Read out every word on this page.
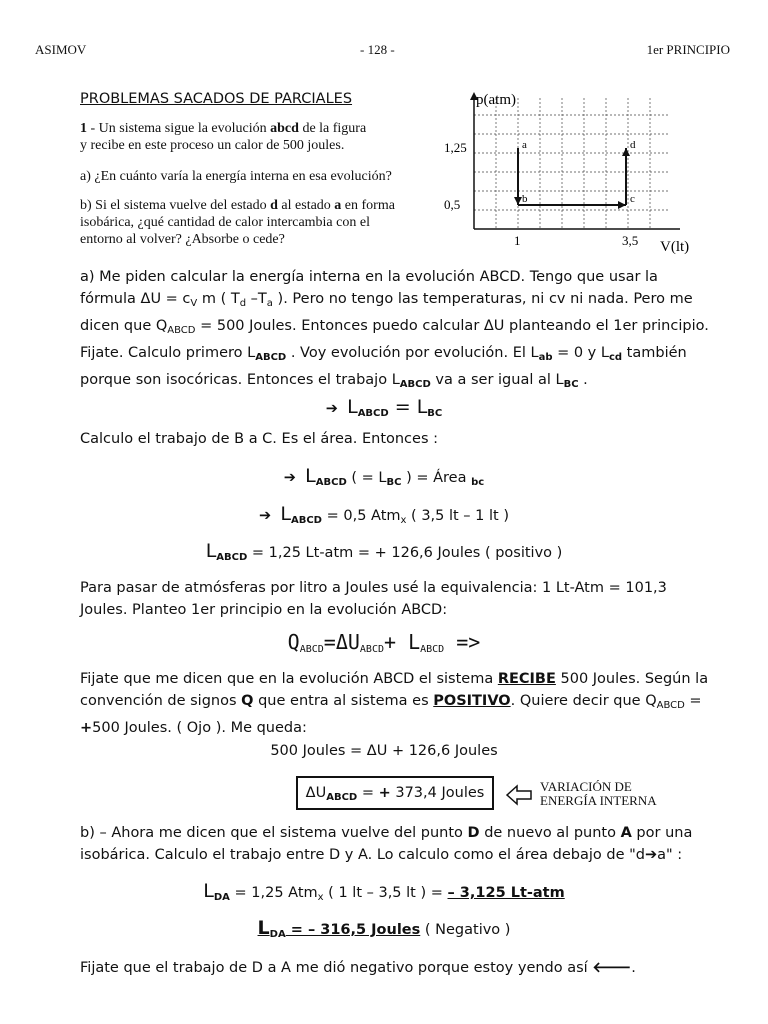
ASIMOV	- 128 -	1er PRINCIPIO
PROBLEMAS SACADOS DE PARCIALES
1 - Un sistema sigue la evolución abcd de la figura
y recibe en este proceso un calor de 500 joules.
a) ¿En cuánto varía la energía interna en esa evolución?
b) Si el sistema vuelve del estado d al estado a en forma
isobárica, ¿qué cantidad de calor intercambia con el
entorno al volver? ¿Absorbe o cede?
p(atm)
V(lt)
1,25
0,5
1	3,5
a
b	c
d
a) Me piden calcular la energía interna en la evolución ABCD. Tengo que usar la
fórmula $\Delta U = c_V$ m ( $T_d$ $-T_a$ ). Pero no tengo las temperaturas, ni cv ni nada. Pero me
dicen que $Q_{ABCD} = 500$ Joules. Entonces puedo calcular ΔU planteando el 1er principio.
Fijate. Calculo primero $L_{ABCD}$ . Voy evolución por evolución. El $L_{ab} = 0$ y $L_{cd}$ también
porque son isocóricas. Entonces el trabajo $L_{ABCD}$ va a ser igual al $L_{BC}$ .
➔ $L_{ABCD} = L_{BC}$
Calculo el trabajo de B a C. Es el área. Entonces :
➔ $L_{ABCD}$ ( = $L_{BC}$ ) = Área $_{bc}$
➔ $L_{ABCD} = 0,5$ Atm$_x$ ( 3,5 lt – 1 lt )
$L_{ABCD} = 1,25$ Lt-atm = + 126,6 Joules ( positivo )
Para pasar de atmósferas por litro a Joules usé la equivalencia: 1 Lt-Atm = 101,3
Joules. Planteo 1er principio en la evolución ABCD:
$Q_{ABCD}=\Delta U_{ABCD}+ L_{ABCD}$ =>
Fijate que me dicen que en la evolución ABCD el sistema RECIBE 500 Joules. Según la
convención de signos Q que entra al sistema es POSITIVO. Quiere decir que $Q_{ABCD}$ =
+500 Joules. ( Ojo ). Me queda:
500 Joules = ΔU + 126,6 Joules
$\Delta U_{ABCD}$ = + 373,4 Joules	VARIACIÓN DE
ENERGÍA INTERNA
b) – Ahora me dicen que el sistema vuelve del punto D de nuevo al punto A por una
isobárica. Calculo el trabajo entre D y A. Lo calculo como el área debajo de "d➔a" :
$L_{DA} = 1,25$ Atm$_x$ ( 1 lt – 3,5 lt ) = – 3,125 Lt-atm
$L_{DA}$ = – 316,5 Joules ( Negativo )
Fijate que el trabajo de D a A me dió negativo porque estoy yendo así 🡐.
